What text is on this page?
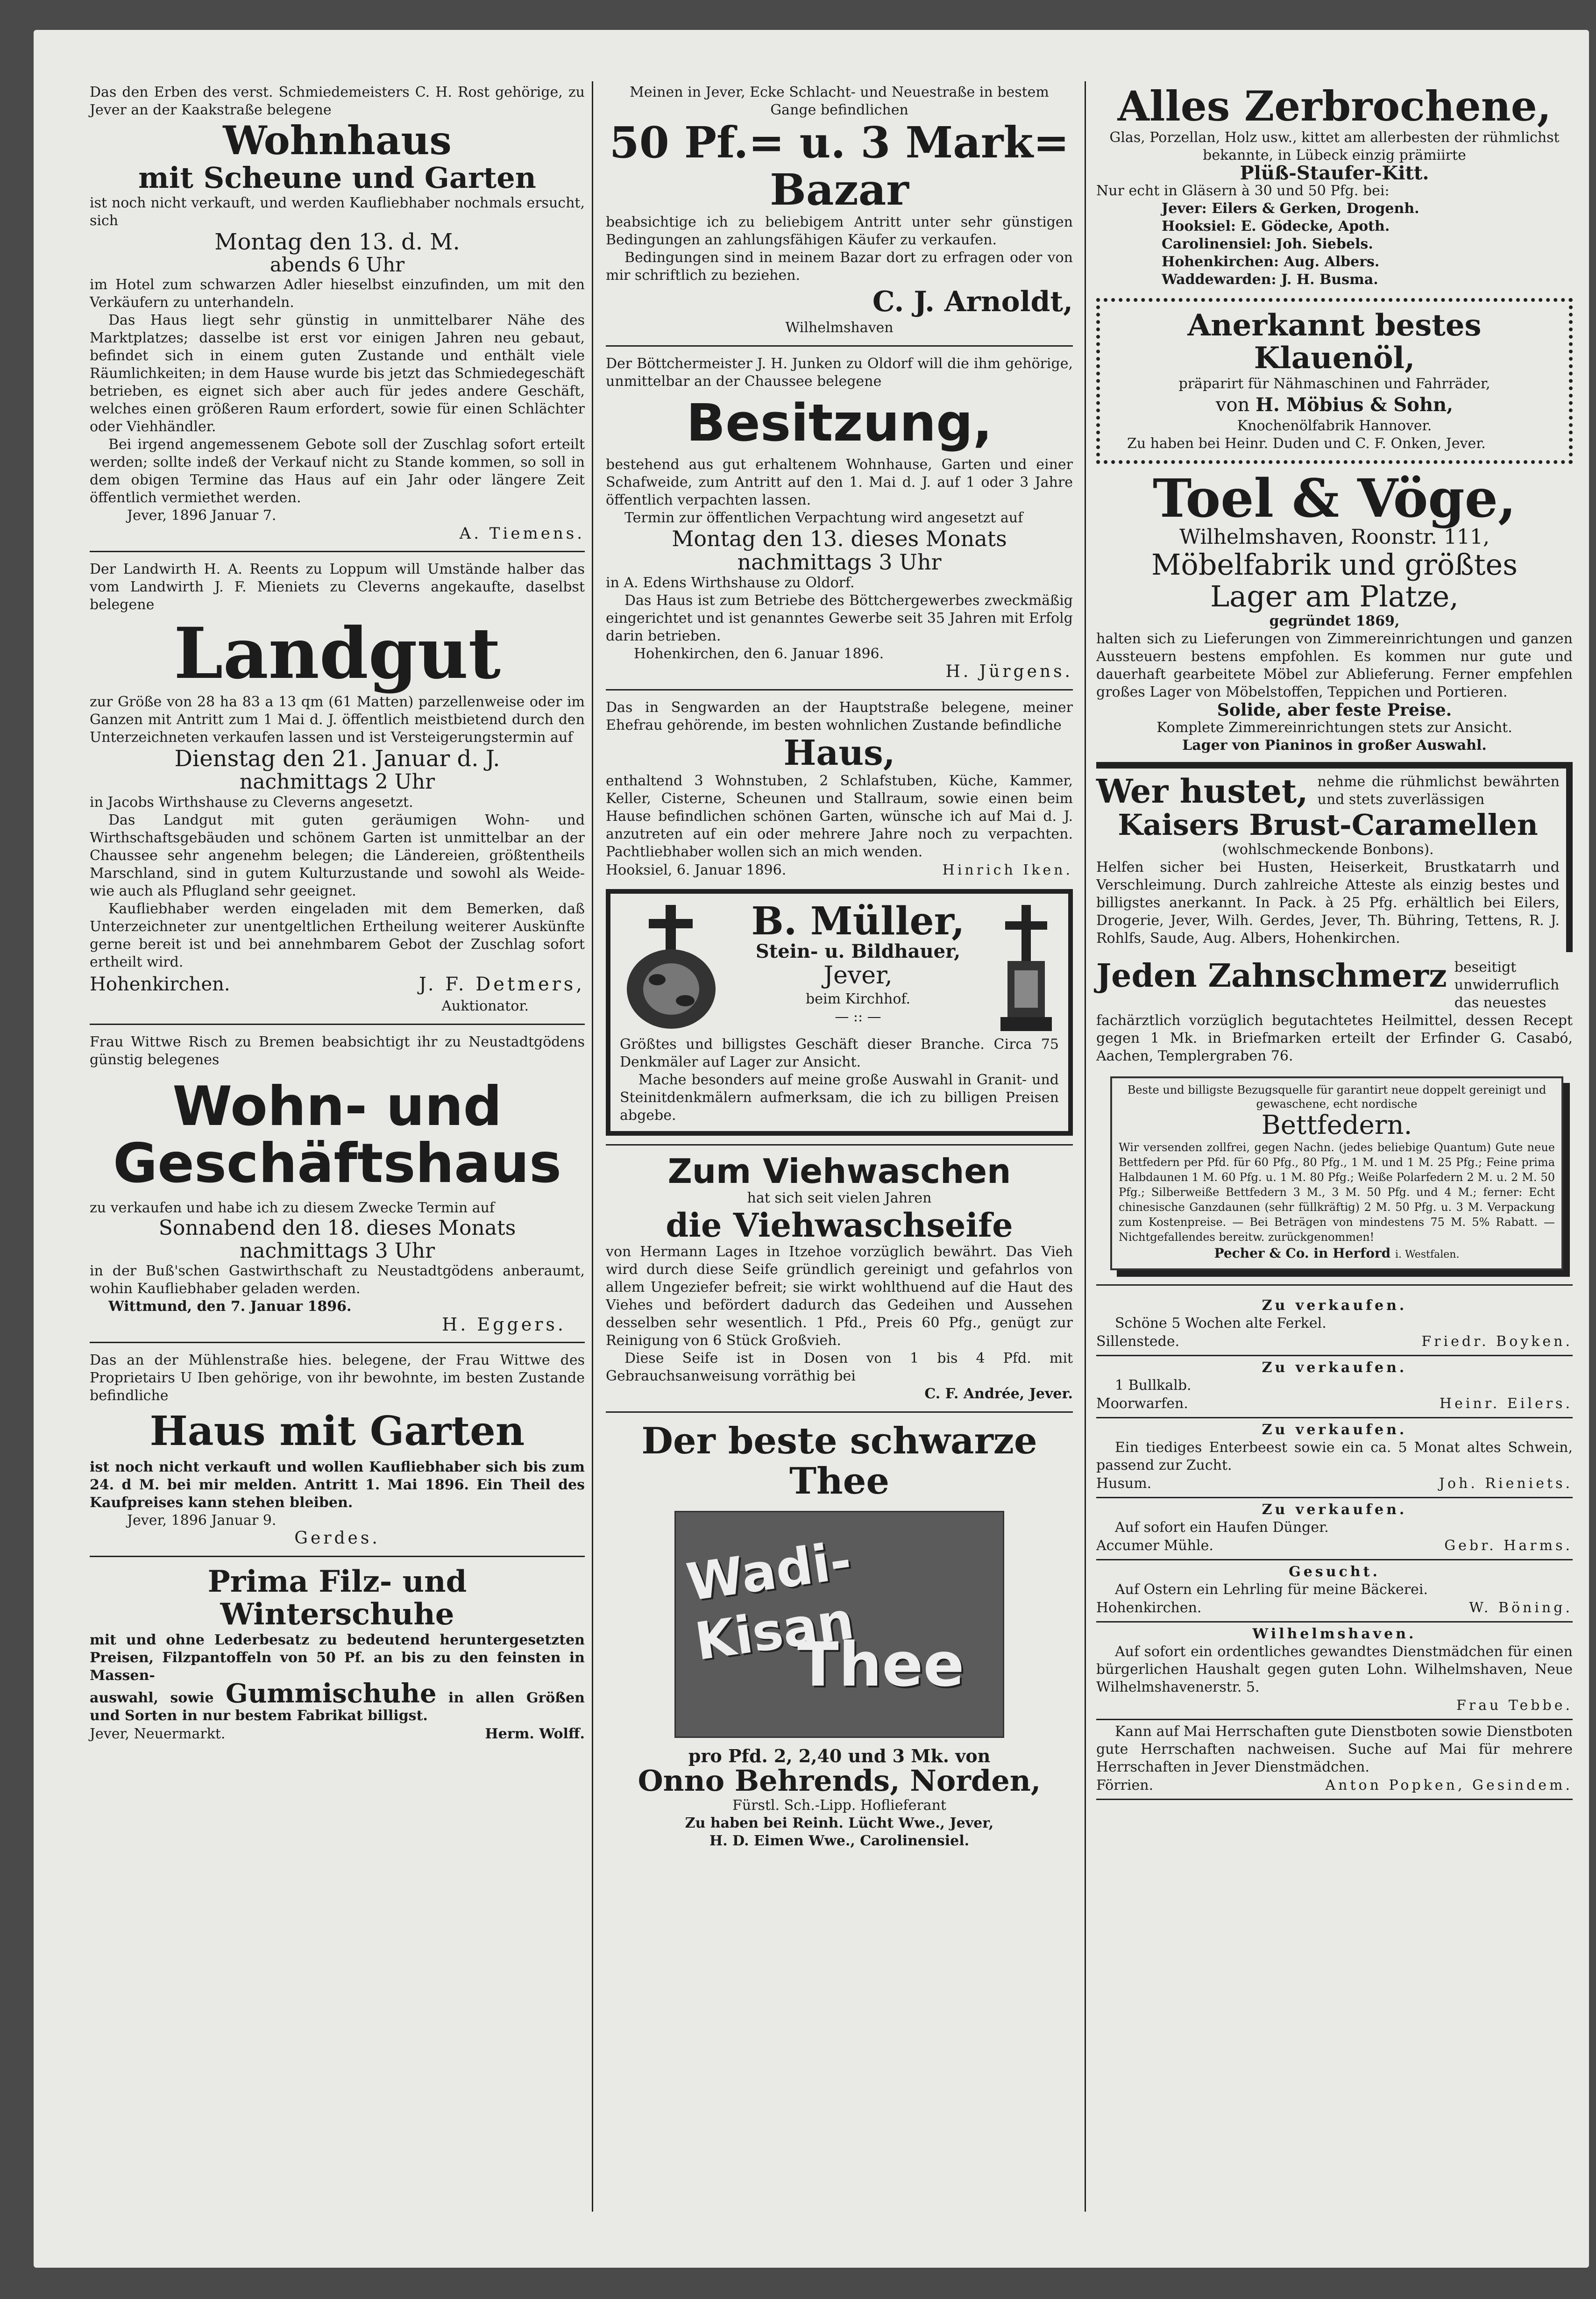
Das den Erben des verst. Schmiedemeisters C. H. Rost gehörige, zu Jever an der Kaakstraße belegene

Wohnhaus

mit Scheune und Garten

ist noch nicht verkauft, und werden Kaufliebhaber nochmals ersucht, sich

Montag den 13. d. M.

abends 6 Uhr

im Hotel zum schwarzen Adler hieselbst einzufinden, um mit den Verkäufern zu unterhandeln.

Das Haus liegt sehr günstig in unmittelbarer Nähe des Marktplatzes; dasselbe ist erst vor einigen Jahren neu gebaut, befindet sich in einem guten Zustande und enthält viele Räumlichkeiten; in dem Hause wurde bis jetzt das Schmiedegeschäft betrieben, es eignet sich aber auch für jedes andere Geschäft, welches einen größeren Raum erfordert, sowie für einen Schlächter oder Viehhändler.

Bei irgend angemessenem Gebote soll der Zuschlag sofort erteilt werden; sollte indeß der Verkauf nicht zu Stande kommen, so soll in dem obigen Termine das Haus auf ein Jahr oder längere Zeit öffentlich vermiethet werden.

Jever, 1896 Januar 7.

A. Tiemens.

Der Landwirth H. A. Reents zu Loppum will Umstände halber das vom Landwirth J. F. Mieniets zu Cleverns angekaufte, daselbst belegene

Landgut

zur Größe von 28 ha 83 a 13 qm (61 Matten) parzellenweise oder im Ganzen mit Antritt zum 1 Mai d. J. öffentlich meistbietend durch den Unterzeichneten verkaufen lassen und ist Versteigerungstermin auf

Dienstag den 21. Januar d. J.

nachmittags 2 Uhr

in Jacobs Wirthshause zu Cleverns angesetzt.

Das Landgut mit guten geräumigen Wohn- und Wirthschaftsgebäuden und schönem Garten ist unmittelbar an der Chaussee sehr angenehm belegen; die Ländereien, größtentheils Marschland, sind in gutem Kulturzustande und sowohl als Weide- wie auch als Pflugland sehr geeignet.

Kaufliebhaber werden eingeladen mit dem Bemerken, daß Unterzeichneter zur unentgeltlichen Ertheilung weiterer Auskünfte gerne bereit ist und bei annehmbarem Gebot der Zuschlag sofort ertheilt wird.

Hohenkirchen.	J. F. Detmers,

Auktionator.

Frau Wittwe Risch zu Bremen beabsichtigt ihr zu Neustadtgödens günstig belegenes

Wohn- und

Geschäftshaus

zu verkaufen und habe ich zu diesem Zwecke Termin auf

Sonnabend den 18. dieses Monats

nachmittags 3 Uhr

in der Buß'schen Gastwirthschaft zu Neustadtgödens anberaumt, wohin Kaufliebhaber geladen werden.

Wittmund, den 7. Januar 1896.

H. Eggers.

Das an der Mühlenstraße hies. belegene, der Frau Wittwe des Proprietairs U Iben gehörige, von ihr bewohnte, im besten Zustande befindliche

Haus mit Garten

ist noch nicht verkauft und wollen Kaufliebhaber sich bis zum 24. d M. bei mir melden. Antritt 1. Mai 1896. Ein Theil des Kaufpreises kann stehen bleiben.

Jever, 1896 Januar 9.

Gerdes.

Prima Filz- und Winterschuhe

mit und ohne Lederbesatz zu bedeutend heruntergesetzten Preisen, Filzpantoffeln von 50 Pf. an bis zu den feinsten in Massen-

auswahl, sowie Gummischuhe in allen Größen und Sorten in nur bestem Fabrikat billigst.

Jever, Neuermarkt.	Herm. Wolff.

Meinen in Jever, Ecke Schlacht- und Neuestraße in bestem Gange befindlichen

50 Pf.= u. 3 Mark=

Bazar

beabsichtige ich zu beliebigem Antritt unter sehr günstigen Bedingungen an zahlungsfähigen Käufer zu verkaufen.

Bedingungen sind in meinem Bazar dort zu erfragen oder von mir schriftlich zu beziehen.

C. J. Arnoldt,

Wilhelmshaven

Der Böttchermeister J. H. Junken zu Oldorf will die ihm gehörige, unmittelbar an der Chaussee belegene

Besitzung,

bestehend aus gut erhaltenem Wohnhause, Garten und einer Schafweide, zum Antritt auf den 1. Mai d. J. auf 1 oder 3 Jahre öffentlich verpachten lassen.

Termin zur öffentlichen Verpachtung wird angesetzt auf

Montag den 13. dieses Monats

nachmittags 3 Uhr

in A. Edens Wirthshause zu Oldorf.

Das Haus ist zum Betriebe des Böttchergewerbes zweckmäßig eingerichtet und ist genanntes Gewerbe seit 35 Jahren mit Erfolg darin betrieben.

Hohenkirchen, den 6. Januar 1896.

H. Jürgens.

Das in Sengwarden an der Hauptstraße belegene, meiner Ehefrau gehörende, im besten wohnlichen Zustande befindliche

Haus,

enthaltend 3 Wohnstuben, 2 Schlafstuben, Küche, Kammer, Keller, Cisterne, Scheunen und Stallraum, sowie einen beim Hause befindlichen schönen Garten, wünsche ich auf Mai d. J. anzutreten auf ein oder mehrere Jahre noch zu verpachten. Pachtliebhaber wollen sich an mich wenden.

Hooksiel, 6. Januar 1896.	Hinrich Iken.

B. Müller,

Stein- u. Bildhauer,

Jever,

beim Kirchhof.

— :: —

Größtes und billigstes Geschäft dieser Branche. Circa 75 Denkmäler auf Lager zur Ansicht.

Mache besonders auf meine große Auswahl in Granit- und Steinitdenkmälern aufmerksam, die ich zu billigen Preisen abgebe.

Zum Viehwaschen

hat sich seit vielen Jahren

die Viehwaschseife

von Hermann Lages in Itzehoe vorzüglich bewährt. Das Vieh wird durch diese Seife gründlich gereinigt und gefahrlos von allem Ungeziefer befreit; sie wirkt wohlthuend auf die Haut des Viehes und befördert dadurch das Gedeihen und Aussehen desselben sehr wesentlich. 1 Pfd., Preis 60 Pfg., genügt zur Reinigung von 6 Stück Großvieh.

Diese Seife ist in Dosen von 1 bis 4 Pfd. mit Gebrauchsanweisung vorräthig bei

C. F. Andrée, Jever.

Der beste schwarze Thee

Wadi-Kisan
Thee

pro Pfd. 2, 2,40 und 3 Mk. von

Onno Behrends, Norden,

Fürstl. Sch.-Lipp. Hoflieferant

Zu haben bei Reinh. Lücht Wwe., Jever,

H. D. Eimen Wwe., Carolinensiel.

Alles Zerbrochene,

Glas, Porzellan, Holz usw., kittet am allerbesten der rühmlichst bekannte, in Lübeck einzig prämiirte

Plüß-Staufer-Kitt.

Nur echt in Gläsern à 30 und 50 Pfg. bei:

Jever: Eilers & Gerken, Drogenh.

Hooksiel: E. Gödecke, Apoth.

Carolinensiel: Joh. Siebels.

Hohenkirchen: Aug. Albers.

Waddewarden: J. H. Busma.

Anerkannt bestes Klauenöl,

präparirt für Nähmaschinen und Fahrräder,

von H. Möbius & Sohn,

Knochenölfabrik Hannover.

Zu haben bei Heinr. Duden und C. F. Onken, Jever.

Toel & Vöge,

Wilhelmshaven, Roonstr. 111,

Möbelfabrik und größtes

Lager am Platze,

gegründet 1869,

halten sich zu Lieferungen von Zimmereinrichtungen und ganzen Aussteuern bestens empfohlen. Es kommen nur gute und dauerhaft gearbeitete Möbel zur Ablieferung. Ferner empfehlen großes Lager von Möbelstoffen, Teppichen und Portieren.

Solide, aber feste Preise.

Komplete Zimmereinrichtungen stets zur Ansicht.

Lager von Pianinos in großer Auswahl.

Wer hustet, nehme die rühmlichst bewährten und stets zuverlässigen

Kaisers Brust-Caramellen

(wohlschmeckende Bonbons).

Helfen sicher bei Husten, Heiserkeit, Brustkatarrh und Verschleimung. Durch zahlreiche Atteste als einzig bestes und billigstes anerkannt. In Pack. à 25 Pfg. erhältlich bei Eilers, Drogerie, Jever, Wilh. Gerdes, Jever, Th. Bühring, Tettens, R. J. Rohlfs, Saude, Aug. Albers, Hohenkirchen.

Jeden Zahnschmerz beseitigt unwiderruflich das neuestes

fachärztlich vorzüglich begutachtetes Heilmittel, dessen Recept gegen 1 Mk. in Briefmarken erteilt der Erfinder G. Casabó, Aachen, Templergraben 76.

Beste und billigste Bezugsquelle für garantirt neue doppelt gereinigt und gewaschene, echt nordische

Bettfedern.

Wir versenden zollfrei, gegen Nachn. (jedes beliebige Quantum) Gute neue Bettfedern per Pfd. für 60 Pfg., 80 Pfg., 1 M. und 1 M. 25 Pfg.; Feine prima Halbdaunen 1 M. 60 Pfg. u. 1 M. 80 Pfg.; Weiße Polarfedern 2 M. u. 2 M. 50 Pfg.; Silberweiße Bettfedern 3 M., 3 M. 50 Pfg. und 4 M.; ferner: Echt chinesische Ganzdaunen (sehr füllkräftig) 2 M. 50 Pfg. u. 3 M. Verpackung zum Kostenpreise. — Bei Beträgen von mindestens 75 M. 5% Rabatt. — Nichtgefallendes bereitw. zurückgenommen!

Pecher & Co. in Herford i. Westfalen.

Zu verkaufen.

Schöne 5 Wochen alte Ferkel.

Sillenstede.	Friedr. Boyken.

Zu verkaufen.

1 Bullkalb.

Moorwarfen.	Heinr. Eilers.

Zu verkaufen.

Ein tiediges Enterbeest sowie ein ca. 5 Monat altes Schwein, passend zur Zucht.

Husum.	Joh. Rieniets.

Zu verkaufen.

Auf sofort ein Haufen Dünger.

Accumer Mühle.	Gebr. Harms.

Gesucht.

Auf Ostern ein Lehrling für meine Bäckerei.

Hohenkirchen.	W. Böning.

Wilhelmshaven.

Auf sofort ein ordentliches gewandtes Dienstmädchen für einen bürgerlichen Haushalt gegen guten Lohn. Wilhelmshaven, Neue Wilhelmshavenerstr. 5.

Frau Tebbe.

Kann auf Mai Herrschaften gute Dienstboten sowie Dienstboten gute Herrschaften nachweisen. Suche auf Mai für mehrere Herrschaften in Jever Dienstmädchen.

Förrien.	Anton Popken, Gesindem.
